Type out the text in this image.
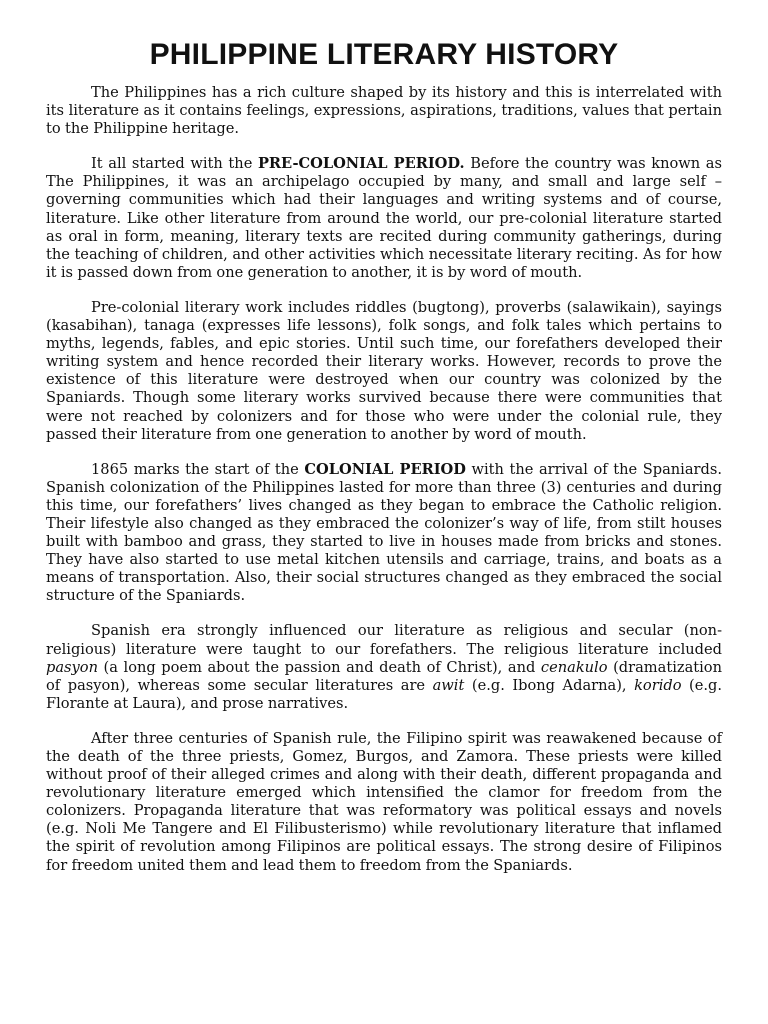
PHILIPPINE LITERARY HISTORY

The Philippines has a rich culture shaped by its history and this is interrelated with its literature as it contains feelings, expressions, aspirations, traditions, values that pertain to the Philippine heritage.

It all started with the PRE-COLONIAL PERIOD. Before the country was known as The Philippines, it was an archipelago occupied by many, and small and large self – governing communities which had their languages and writing systems and of course, literature. Like other literature from around the world, our pre-colonial literature started as oral in form, meaning, literary texts are recited during community gatherings, during the teaching of children, and other activities which necessitate literary reciting. As for how it is passed down from one generation to another, it is by word of mouth.

Pre-colonial literary work includes riddles (bugtong), proverbs (salawikain), sayings (kasabihan), tanaga (expresses life lessons), folk songs, and folk tales which pertains to myths, legends, fables, and epic stories. Until such time, our forefathers developed their writing system and hence recorded their literary works. However, records to prove the existence of this literature were destroyed when our country was colonized by the Spaniards. Though some literary works survived because there were communities that were not reached by colonizers and for those who were under the colonial rule, they passed their literature from one generation to another by word of mouth.

1865 marks the start of the COLONIAL PERIOD with the arrival of the Spaniards. Spanish colonization of the Philippines lasted for more than three (3) centuries and during this time, our forefathers’ lives changed as they began to embrace the Catholic religion. Their lifestyle also changed as they embraced the colonizer’s way of life, from stilt houses built with bamboo and grass, they started to live in houses made from bricks and stones. They have also started to use metal kitchen utensils and carriage, trains, and boats as a means of transportation. Also, their social structures changed as they embraced the social structure of the Spaniards.

Spanish era strongly influenced our literature as religious and secular (non-religious) literature were taught to our forefathers. The religious literature included pasyon (a long poem about the passion and death of Christ), and cenakulo (dramatization of pasyon), whereas some secular literatures are awit (e.g. Ibong Adarna), korido (e.g. Florante at Laura), and prose narratives.

After three centuries of Spanish rule, the Filipino spirit was reawakened because of the death of the three priests, Gomez, Burgos, and Zamora. These priests were killed without proof of their alleged crimes and along with their death, different propaganda and revolutionary literature emerged which intensified the clamor for freedom from the colonizers. Propaganda literature that was reformatory was political essays and novels (e.g. Noli Me Tangere and El Filibusterismo) while revolutionary literature that inflamed the spirit of revolution among Filipinos are political essays. The strong desire of Filipinos for freedom united them and lead them to freedom from the Spaniards.
